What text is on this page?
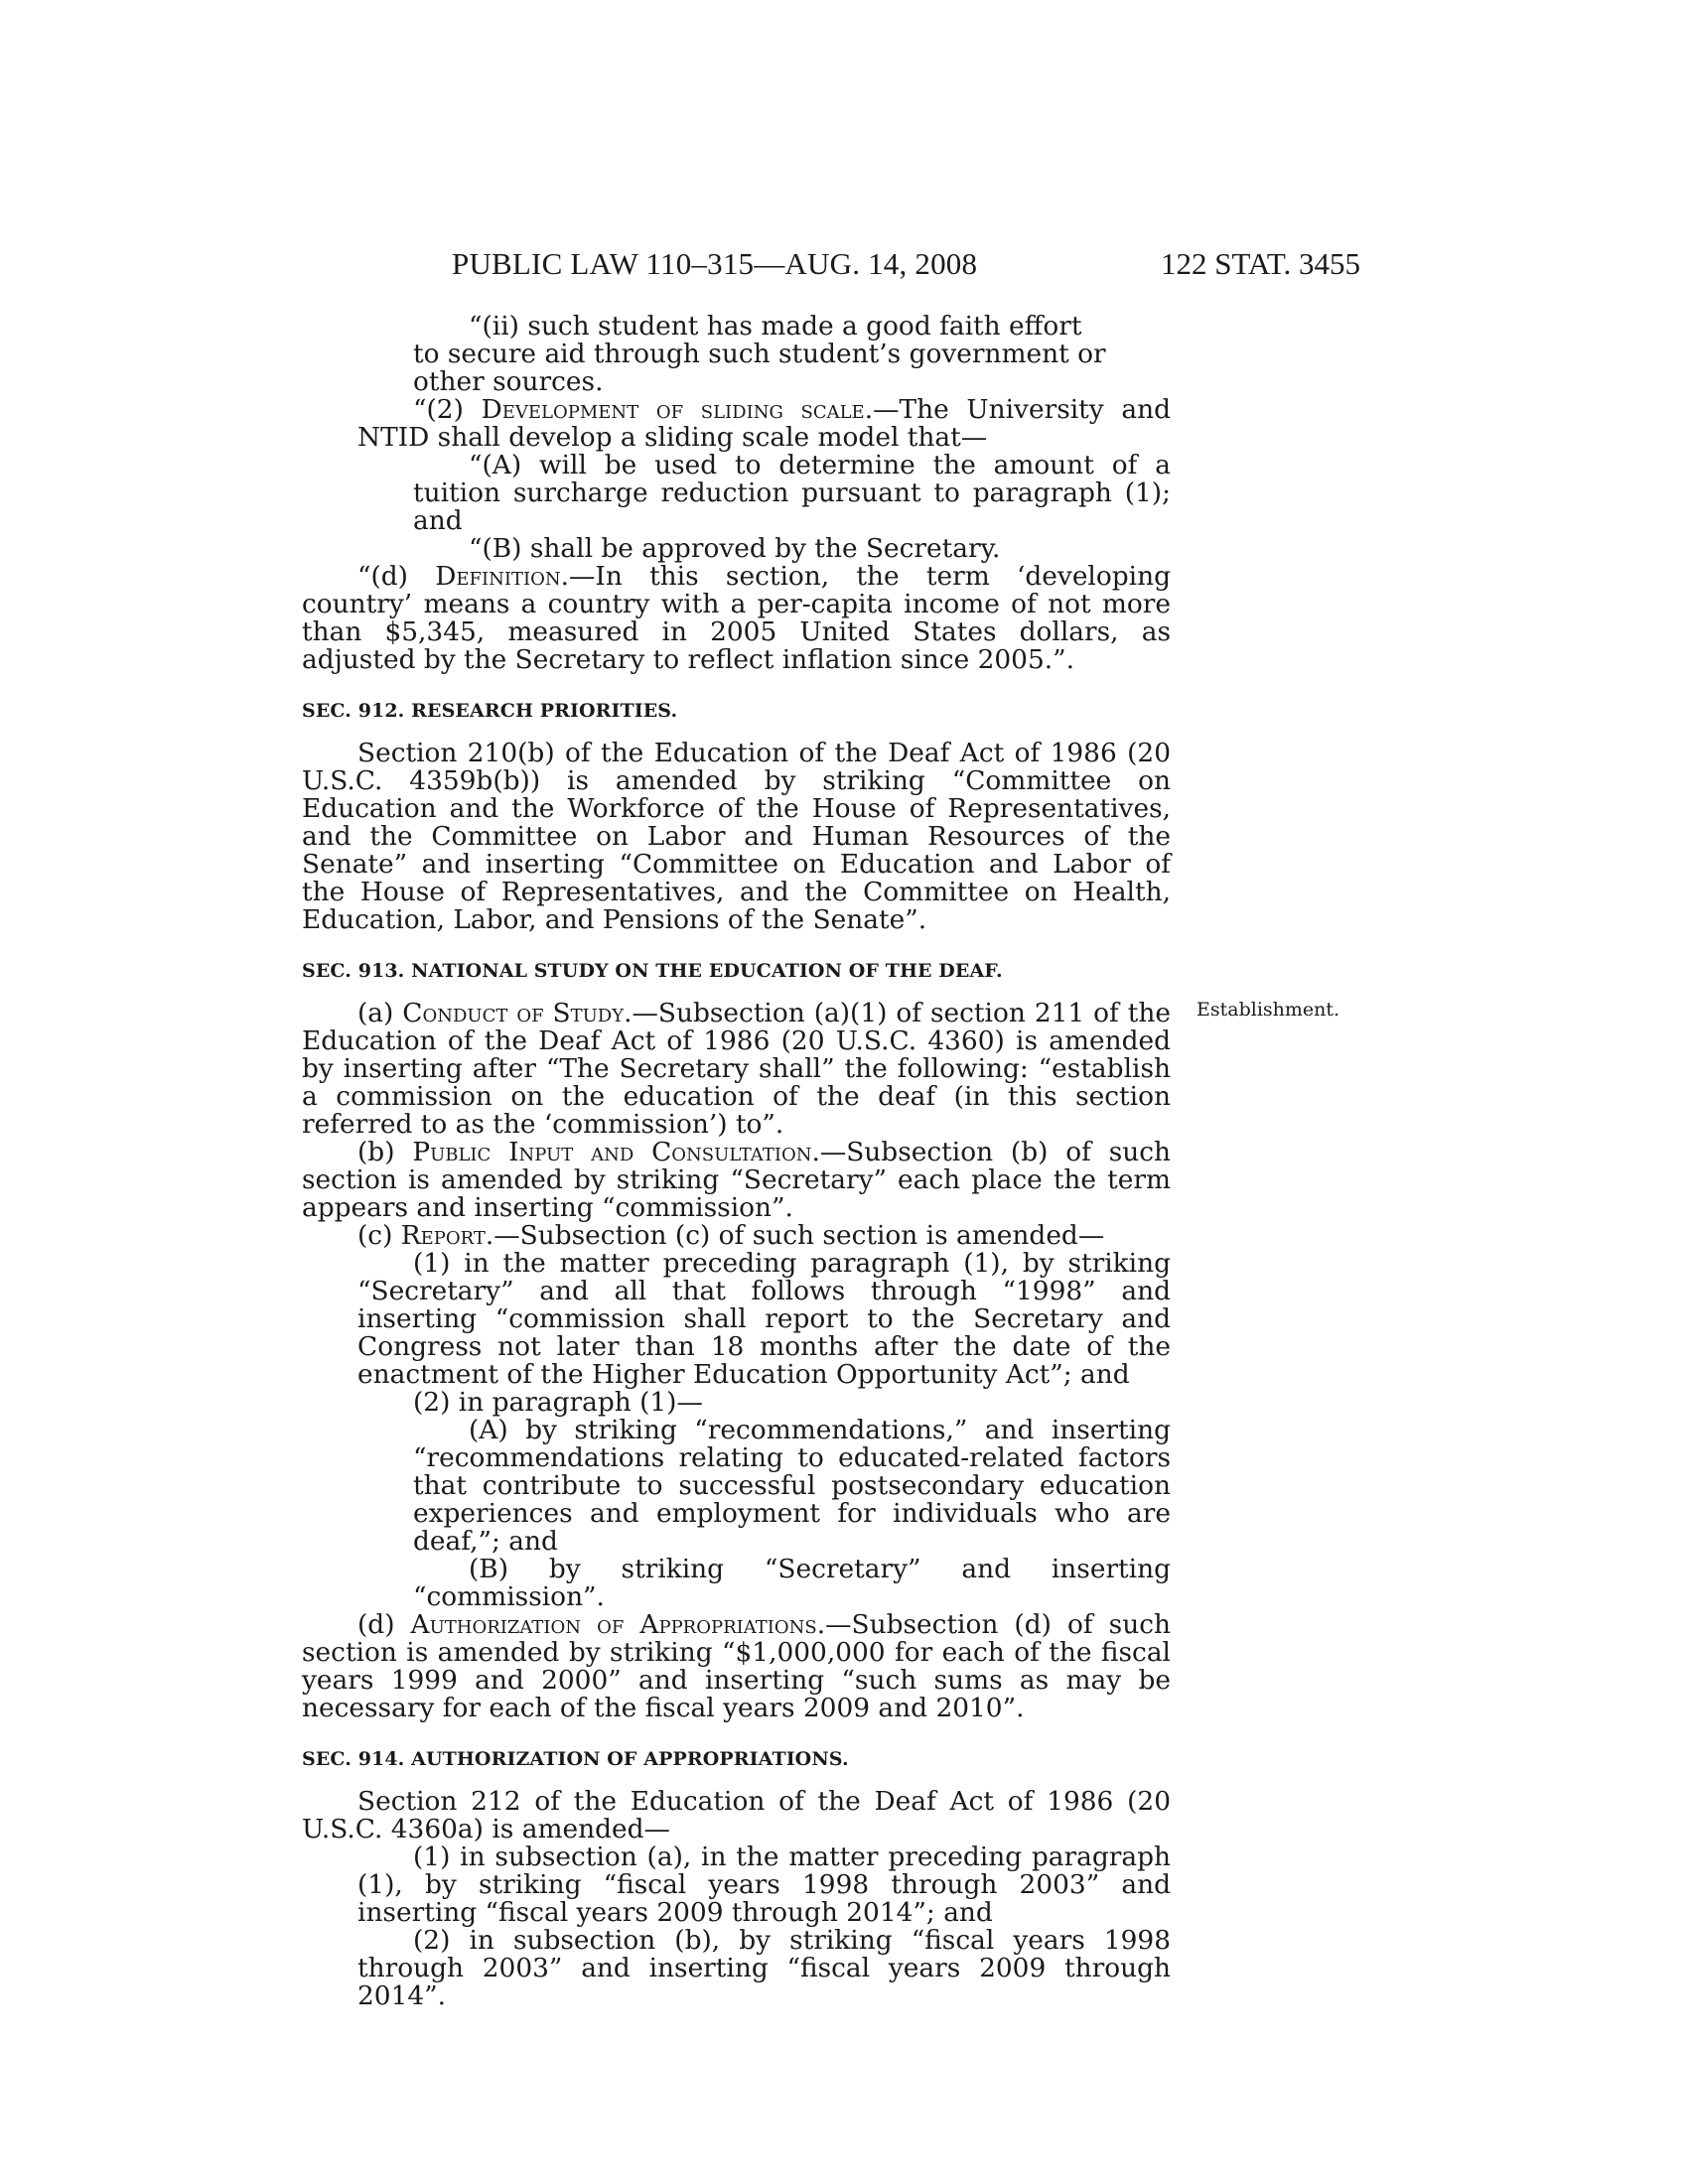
PUBLIC LAW 110–315—AUG. 14, 2008	122 STAT. 3455
Establishment.
“(ii) such student has made a good faith effort
to secure aid through such student’s government or
other sources.

“(2) Development of sliding scale.—The University and NTID shall develop a sliding scale model that—

“(A) will be used to determine the amount of a tuition surcharge reduction pursuant to paragraph (1); and

“(B) shall be approved by the Secretary.

“(d) Definition.—In this section, the term ‘developing country’ means a country with a per-capita income of not more than $5,345, measured in 2005 United States dollars, as adjusted by the Secretary to reflect inflation since 2005.”.

SEC. 912. RESEARCH PRIORITIES.

Section 210(b) of the Education of the Deaf Act of 1986 (20 U.S.C. 4359b(b)) is amended by striking “Committee on Education and the Workforce of the House of Representatives, and the Committee on Labor and Human Resources of the Senate” and inserting “Committee on Education and Labor of the House of Representatives, and the Committee on Health, Education, Labor, and Pensions of the Senate”.

SEC. 913. NATIONAL STUDY ON THE EDUCATION OF THE DEAF.

(a) Conduct of Study.—Subsection (a)(1) of section 211 of the Education of the Deaf Act of 1986 (20 U.S.C. 4360) is amended by inserting after “The Secretary shall” the following: “establish a commission on the education of the deaf (in this section referred to as the ‘commission’) to”.

(b) Public Input and Consultation.—Subsection (b) of such section is amended by striking “Secretary” each place the term appears and inserting “commission”.

(c) Report.—Subsection (c) of such section is amended—

(1) in the matter preceding paragraph (1), by striking “Secretary” and all that follows through “1998” and inserting “commission shall report to the Secretary and Congress not later than 18 months after the date of the enactment of the Higher Education Opportunity Act”; and

(2) in paragraph (1)—

(A) by striking “recommendations,” and inserting “recommendations relating to educated-related factors that contribute to successful postsecondary education experiences and employment for individuals who are deaf,”; and

(B) by striking “Secretary” and inserting “commission”.

(d) Authorization of Appropriations.—Subsection (d) of such section is amended by striking “$1,000,000 for each of the fiscal years 1999 and 2000” and inserting “such sums as may be necessary for each of the fiscal years 2009 and 2010”.

SEC. 914. AUTHORIZATION OF APPROPRIATIONS.

Section 212 of the Education of the Deaf Act of 1986 (20 U.S.C. 4360a) is amended—

(1) in subsection (a), in the matter preceding paragraph (1), by striking “fiscal years 1998 through 2003” and inserting “fiscal years 2009 through 2014”; and

(2) in subsection (b), by striking “fiscal years 1998 through 2003” and inserting “fiscal years 2009 through 2014”.
